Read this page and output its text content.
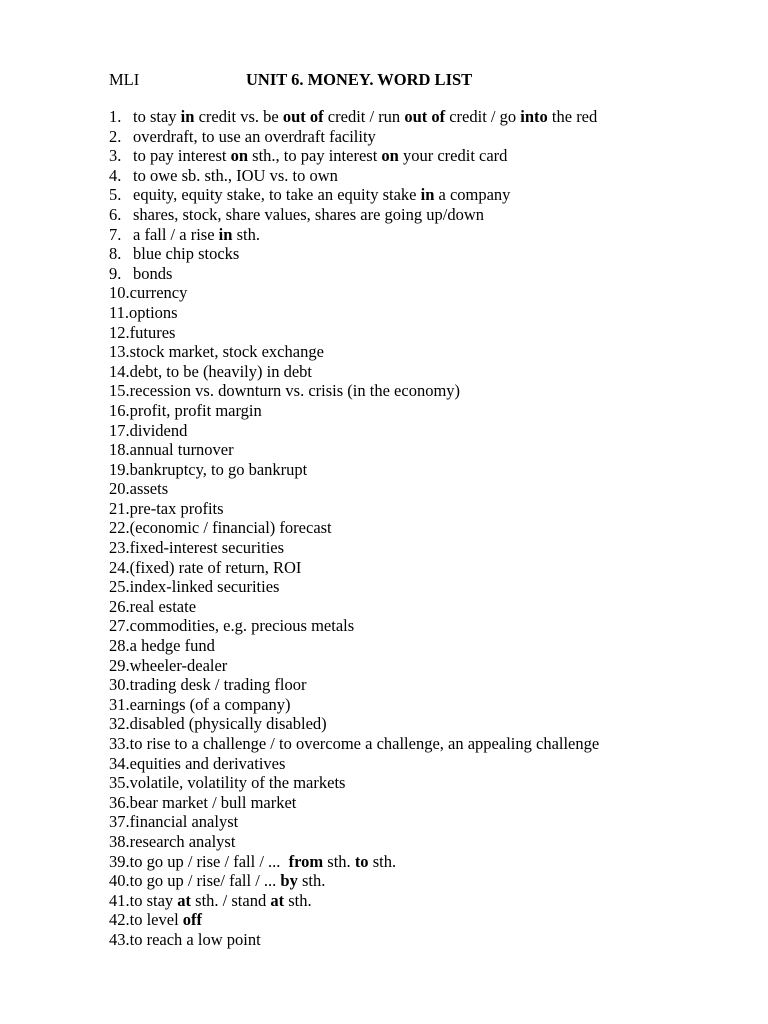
MLI	UNIT 6. MONEY. WORD LIST
1. to stay in credit vs. be out of credit / run out of credit / go into the red
2. overdraft, to use an overdraft facility
3. to pay interest on sth., to pay interest on your credit card
4. to owe sb. sth., IOU vs. to own
5. equity, equity stake, to take an equity stake in a company
6. shares, stock, share values, shares are going up/down
7. a fall / a rise in sth.
8. blue chip stocks
9. bonds
10. currency
11. options
12. futures
13. stock market, stock exchange
14. debt, to be (heavily) in debt
15. recession vs. downturn vs. crisis (in the economy)
16. profit, profit margin
17. dividend
18. annual turnover
19. bankruptcy, to go bankrupt
20. assets
21. pre-tax profits
22. (economic / financial) forecast
23. fixed-interest securities
24. (fixed) rate of return, ROI
25. index-linked securities
26. real estate
27. commodities, e.g. precious metals
28. a hedge fund
29. wheeler-dealer
30. trading desk / trading floor
31. earnings (of a company)
32. disabled (physically disabled)
33. to rise to a challenge / to overcome a challenge, an appealing challenge
34. equities and derivatives
35. volatile, volatility of the markets
36. bear market / bull market
37. financial analyst
38. research analyst
39. to go up / rise / fall / ...  from sth. to sth.
40. to go up / rise/ fall / ... by sth.
41. to stay at sth. / stand at sth.
42. to level off
43. to reach a low point
